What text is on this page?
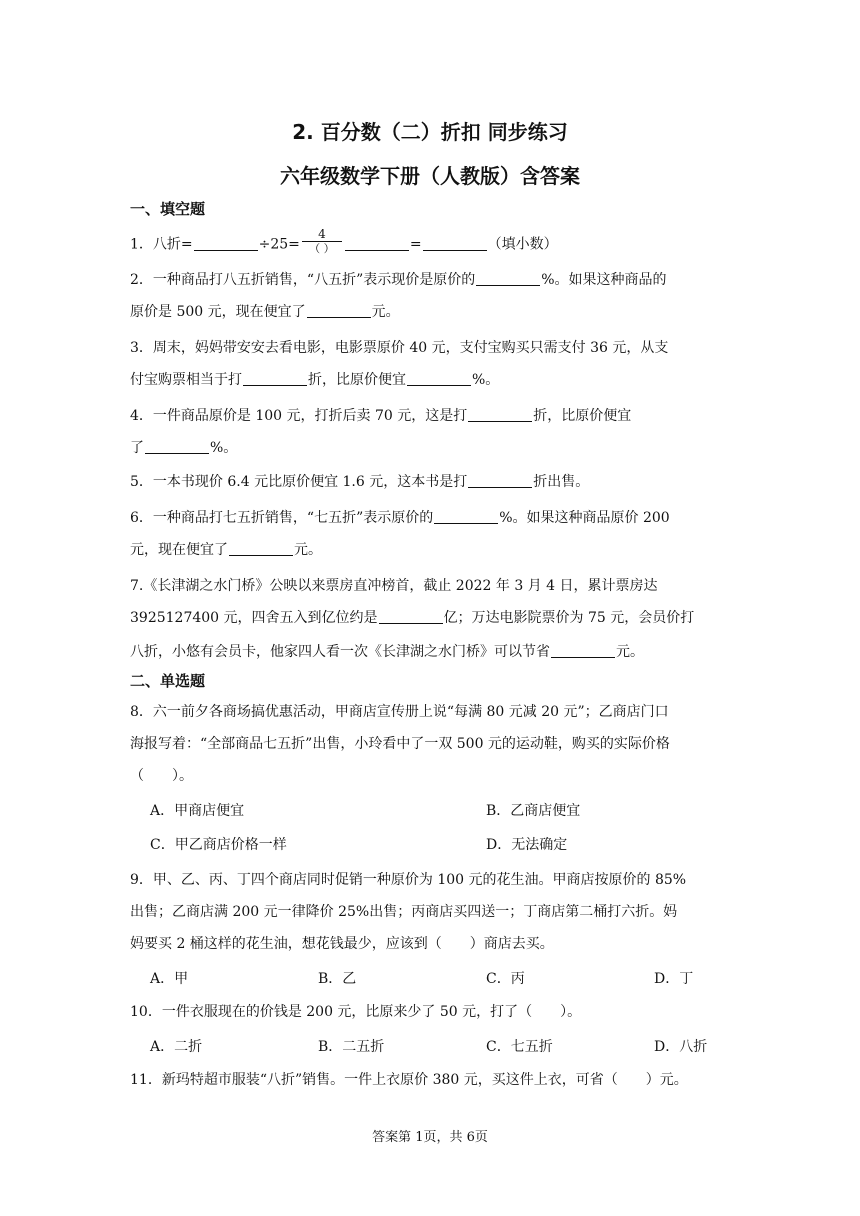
2. 百分数（二）折扣 同步练习
六年级数学下册（人教版）含答案
一、填空题
1．八折=	$\div 25= \frac{4}{( )}$	=	（填小数）
2．一种商品打八五折销售，“八五折”表示现价是原价的	%。如果这种商品的
原价是 500 元，现在便宜了	元。
3．周末，妈妈带安安去看电影，电影票原价 40 元，支付宝购买只需支付 36 元，从支
付宝购票相当于打	折，比原价便宜	%。
4．一件商品原价是 100 元，打折后卖 70 元，这是打	折，比原价便宜
了	%。
5．一本书现价 6.4 元比原价便宜 1.6 元，这本书是打	折出售。
6．一种商品打七五折销售，“七五折”表示原价的	%。如果这种商品原价 200
元，现在便宜了	元。
7.《长津湖之水门桥》公映以来票房直冲榜首，截止 2022 年 3 月 4 日，累计票房达
3925127400 元，四舍五入到亿位约是	亿；万达电影院票价为 75 元，会员价打
八折，小悠有会员卡，他家四人看一次《长津湖之水门桥》可以节省	元。
二、单选题
8．六一前夕各商场搞优惠活动，甲商店宣传册上说“每满 80 元减 20 元”；乙商店门口
海报写着：“全部商品七五折”出售，小玲看中了一双 500 元的运动鞋，购买的实际价格
（　　）。
A．甲商店便宜	B．乙商店便宜
C．甲乙商店价格一样	D．无法确定
9．甲、乙、丙、丁四个商店同时促销一种原价为 100 元的花生油。甲商店按原价的 85%
出售；乙商店满 200 元一律降价 25%出售；丙商店买四送一；丁商店第二桶打六折。妈
妈要买 2 桶这样的花生油，想花钱最少，应该到（　　）商店去买。
A．甲	B．乙	C．丙	D．丁
10．一件衣服现在的价钱是 200 元，比原来少了 50 元，打了（　　）。
A．二折	B．二五折	C．七五折	D．八折
11．新玛特超市服装“八折”销售。一件上衣原价 380 元，买这件上衣，可省（　　）元。
答案第 1页，共 6页
